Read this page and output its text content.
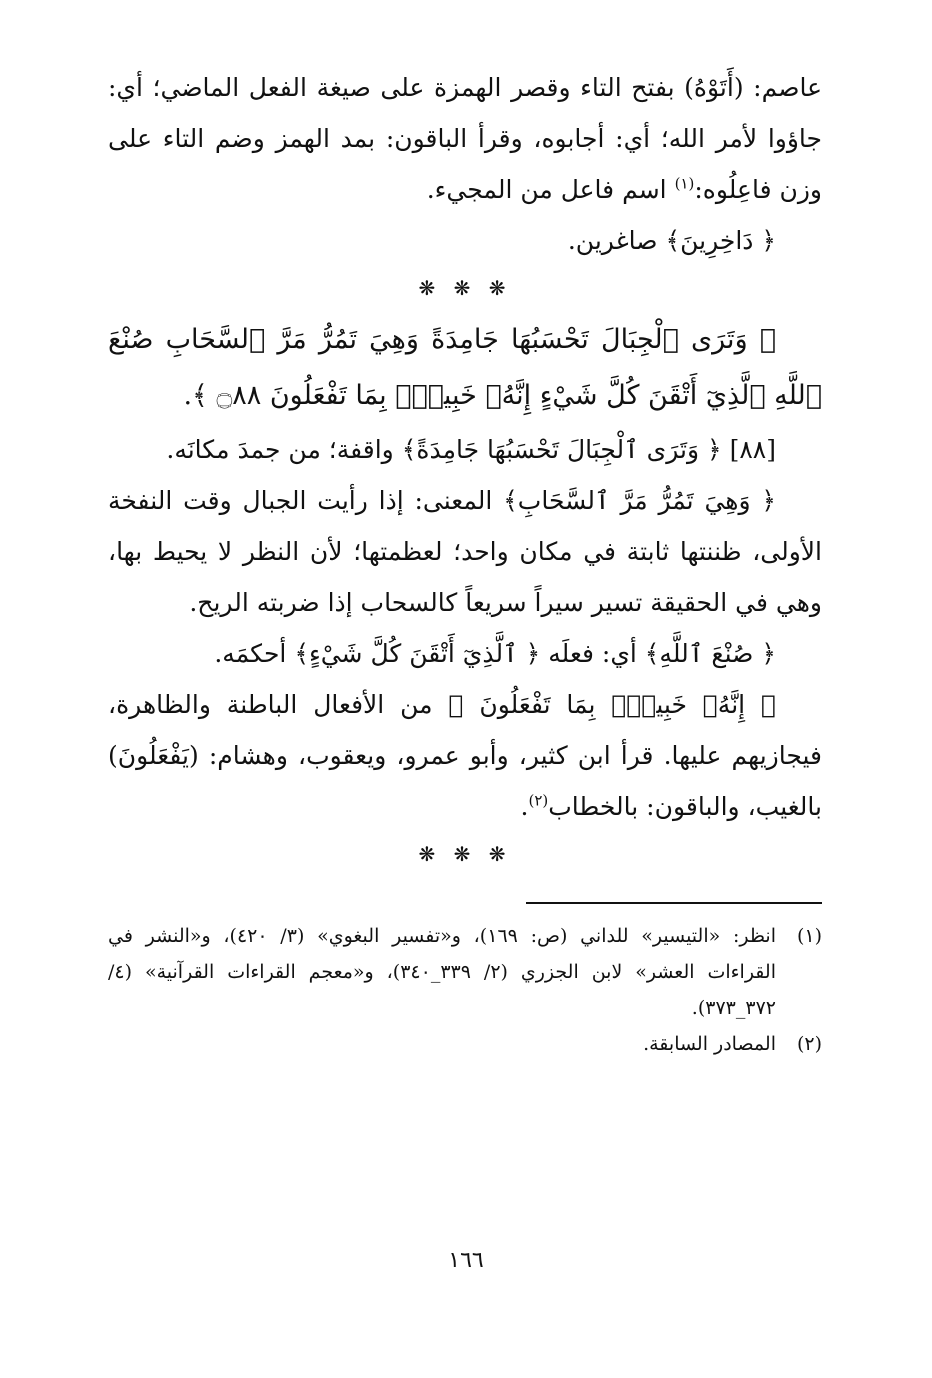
عاصم: (أَتَوْهُ) بفتح التاء وقصر الهمزة على صيغة الفعل الماضي؛ أي: جاؤوا لأمر الله؛ أي: أجابوه، وقرأ الباقون: بمد الهمز وضم التاء على وزن فاعِلُوه:$^{(١)}$ اسم فاعل من المجيء.

﴿ دَاخِرِينَ﴾ صاغرين.

❋ ❋ ❋

﴿ وَتَرَى ٱلْجِبَالَ تَحْسَبُهَا جَامِدَةً وَهِيَ تَمُرُّ مَرَّ ٱلسَّحَابِ صُنْعَ ٱللَّهِ ٱلَّذِيٓ أَتْقَنَ كُلَّ شَيْءٍ إِنَّهُۥ خَبِيرٌۢ بِمَا تَفْعَلُونَ ۝٨٨ ﴾.

[٨٨] ﴿ وَتَرَى ٱلْجِبَالَ تَحْسَبُهَا جَامِدَةً﴾ واقفة؛ من جمدَ مكانَه.

﴿ وَهِيَ تَمُرُّ مَرَّ ٱلسَّحَابِ﴾ المعنى: إذا رأيت الجبال وقت النفخة الأولى، ظننتها ثابتة في مكان واحد؛ لعظمتها؛ لأن النظر لا يحيط بها، وهي في الحقيقة تسير سيراً سريعاً كالسحاب إذا ضربته الريح.

﴿ صُنْعَ ٱللَّهِ﴾ أي: فعلَه ﴿ ٱلَّذِيٓ أَتْقَنَ كُلَّ شَيْءٍ﴾ أحكمَه.

﴿ إِنَّهُۥ خَبِيرٌۢ بِمَا تَفْعَلُونَ ﴾ من الأفعال الباطنة والظاهرة، فيجازيهم عليها. قرأ ابن كثير، وأبو عمرو، ويعقوب، وهشام: (يَفْعَلُونَ) بالغيب، والباقون: بالخطاب$^{(٢)}$.

❋ ❋ ❋

(١)
انظر: «التيسير» للداني (ص: ١٦٩)، و«تفسير البغوي» (٣/ ٤٢٠)، و«النشر في القراءات العشر» لابن الجزري (٢/ ٣٣٩_٣٤٠)، و«معجم القراءات القرآنية» (٤/ ٣٧٢_٣٧٣).

(٢)
المصادر السابقة.

١٦٦
